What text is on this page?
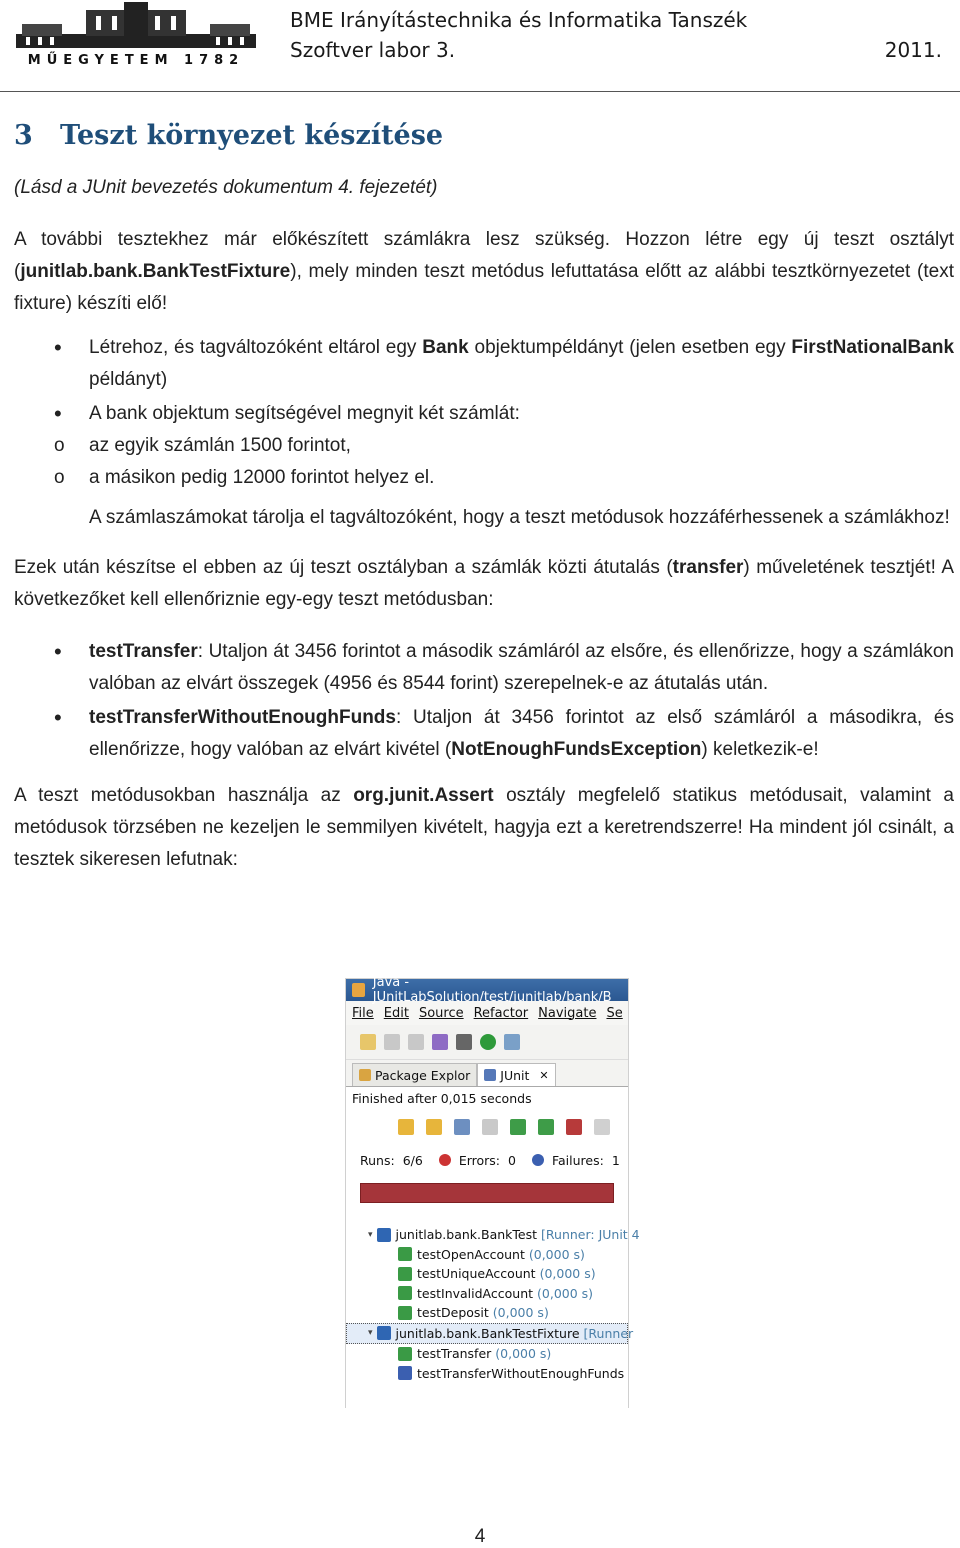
MŰEGYETEM 1782
BME Irányítástechnika és Informatika Tanszék
Szoftver labor 3.	2011.
3 Teszt környezet készítése

(Lásd a JUnit bevezetés dokumentum 4. fejezetét)

A további tesztekhez már előkészített számlákra lesz szükség. Hozzon létre egy új teszt osztályt (junitlab.bank.BankTestFixture), mely minden teszt metódus lefuttatása előtt az alábbi tesztkörnyezetet (text fixture) készíti elő!

• Létrehoz, és tagváltozóként eltárol egy Bank objektumpéldányt (jelen esetben egy FirstNationalBank példányt)
• A bank objektum segítségével megnyit két számlát:
o az egyik számlán 1500 forintot,
o a másikon pedig 12000 forintot helyez el.

A számlaszámokat tárolja el tagváltozóként, hogy a teszt metódusok hozzáférhessenek a számlákhoz!

Ezek után készítse el ebben az új teszt osztályban a számlák közti átutalás (transfer) műveletének tesztjét! A következőket kell ellenőriznie egy-egy teszt metódusban:

• testTransfer: Utaljon át 3456 forintot a második számláról az elsőre, és ellenőrizze, hogy a számlákon valóban az elvárt összegek (4956 és 8544 forint) szerepelnek-e az átutalás után.
• testTransferWithoutEnoughFunds: Utaljon át 3456 forintot az első számláról a másodikra, és ellenőrizze, hogy valóban az elvárt kivétel (NotEnoughFundsException) keletkezik-e!

A teszt metódusokban használja az org.junit.Assert osztály megfelelő statikus metódusait, valamint a metódusok törzsében ne kezeljen le semmilyen kivételt, hagyja ezt a keretrendszerre! Ha mindent jól csinált, a tesztek sikeresen lefutnak:

Java - JUnitLabSolution/test/junitlab/bank/B
File Edit Source Refactor Navigate Se
Package Explor JUnit ✕
Finished after 0,015 seconds
Runs: 6/6	Errors: 0	Failures: 1
▾ junitlab.bank.BankTest [Runner: JUnit 4
testOpenAccount (0,000 s)
testUniqueAccount (0,000 s)
testInvalidAccount (0,000 s)
testDeposit (0,000 s)
▾ junitlab.bank.BankTestFixture [Runner
testTransfer (0,000 s)
testTransferWithoutEnoughFunds
4
